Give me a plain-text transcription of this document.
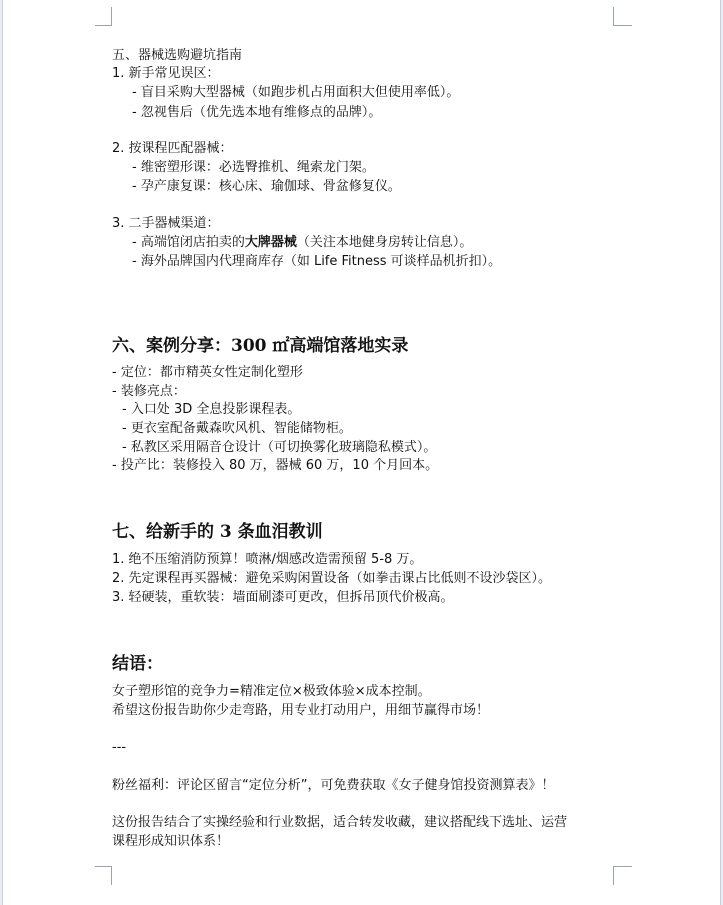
五、器械选购避坑指南
1. 新手常见误区：
- 盲目采购大型器械（如跑步机占用面积大但使用率低）。
- 忽视售后（优先选本地有维修点的品牌）。
2. 按课程匹配器械：
- 维密塑形课：必选臀推机、绳索龙门架。
- 孕产康复课：核心床、瑜伽球、骨盆修复仪。
3. 二手器械渠道：
- 高端馆闭店拍卖的大牌器械（关注本地健身房转让信息）。
- 海外品牌国内代理商库存（如 Life Fitness 可谈样品机折扣）。
六、案例分享：300 ㎡高端馆落地实录
- 定位：都市精英女性定制化塑形
- 装修亮点：
- 入口处 3D 全息投影课程表。
- 更衣室配备戴森吹风机、智能储物柜。
- 私教区采用隔音仓设计（可切换雾化玻璃隐私模式）。
- 投产比：装修投入 80 万，器械 60 万，10 个月回本。
七、给新手的 3 条血泪教训
1. 绝不压缩消防预算！喷淋/烟感改造需预留 5-8 万。
2. 先定课程再买器械：避免采购闲置设备（如拳击课占比低则不设沙袋区）。
3. 轻硬装，重软装：墙面刷漆可更改，但拆吊顶代价极高。
结语：
女子塑形馆的竞争力=精准定位×极致体验×成本控制。
希望这份报告助你少走弯路，用专业打动用户，用细节赢得市场！
---
粉丝福利：评论区留言“定位分析”，可免费获取《女子健身馆投资测算表》！
这份报告结合了实操经验和行业数据，适合转发收藏，建议搭配线下选址、运营
课程形成知识体系！
